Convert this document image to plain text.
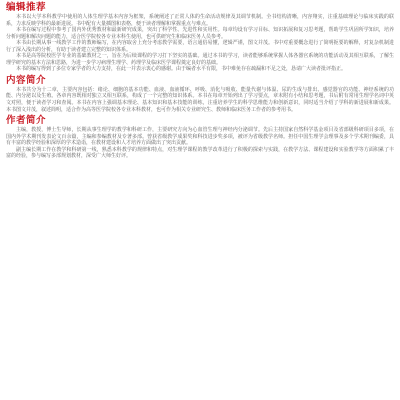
编辑推荐

本书以大学本科教学中使用的人体生理学基本内容为框架，系统阐述了正常人体的生命活动规律及其调节机制。全书结构清晰，内容翔实，注重基础理论与临床实践的联系，力求反映学科的最新进展。书中配有大量插图和表格，便于读者理解和掌握重点与难点。

本书在编写过程中参考了国内外优秀教材和最新研究成果，突出了科学性、先进性和实用性。每章均设有学习目标、知识拓展和复习思考题，帮助学生巩固所学知识，培养分析问题和解决问题的能力，适合医学院校各专业本科生使用，也可供研究生和临床医务人员参考。

本书由长期从事一线教学工作的教师编写，在内容取舍上充分考虑教学需要，语言通俗易懂，逻辑严谨，图文并茂。书中对重要概念进行了简明扼要的解释，对复杂机制进行了深入浅出的分析，有助于读者建立完整的知识体系。

本书是高等院校医学专业的基础教材之一，旨在为后续课程的学习打下坚实的基础。通过本书的学习，读者能够系统掌握人体各器官系统的功能活动及其相互联系，了解生理学研究的基本方法和思路，为进一步学习病理生理学、药理学及临床医学课程奠定良好的基础。

本书的编写得到了多位专家学者的大力支持，在此一并表示衷心的感谢。由于编者水平有限，书中难免存在疏漏和不足之处，恳请广大读者批评指正。

内容简介

本书共分为十二章，主要内容包括：绪论、细胞的基本功能、血液、血液循环、呼吸、消化与吸收、能量代谢与体温、尿的生成与排出、感觉器官的功能、神经系统的功能、内分泌以及生殖。各章内容既相对独立又相互联系，构成了一个完整的知识体系。本书在每章开始列出了学习要点，章末附有小结和思考题，书后附有常用生理学名词中英文对照，便于读者学习和查阅。本书在内容上强调基本理论、基本知识和基本技能的训练，注重培养学生的科学思维能力和创新意识，同时适当介绍了学科的新进展和新成果。本书图文并茂，叙述简明，适合作为高等医学院校各专业本科教材，也可作为相关专业研究生、教师和临床医务工作者的参考用书。

作者简介

主编，教授，博士生导师，长期从事生理学的教学和科研工作，主要研究方向为心血管生理与神经内分泌调节。先后主持国家自然科学基金项目及省部级科研项目多项，在国内外学术期刊发表论文百余篇，主编和参编教材及专著多部。曾获省级教学成果奖和科技进步奖多项，被评为省级教学名师。担任中国生理学会理事及多个学术期刊编委，具有丰富的教学经验和深厚的学术造诣，在教材建设和人才培养方面做出了突出贡献。

副主编长期工作在教学和科研第一线，熟悉本科教学的规律和特点，对生理学课程的教学改革进行了积极的探索与实践，在教学方法、课程建设和实验教学等方面积累了丰富的经验，参与编写多部规划教材，深受广大师生好评。
